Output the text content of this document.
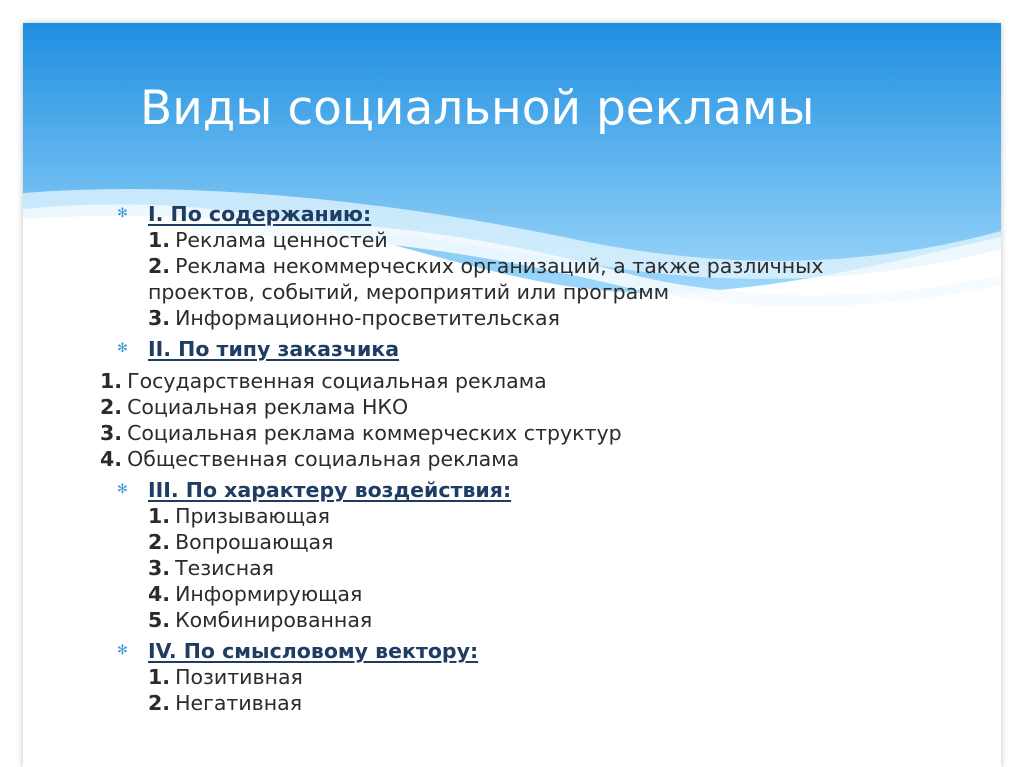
Виды социальной рекламы
✻ I. По содержанию:
1. Реклама ценностей
2. Реклама некоммерческих организаций, а также различных
проектов, событий, мероприятий или программ
3. Информационно-просветительская
✻ II. По типу заказчика
1. Государственная социальная реклама
2. Социальная реклама НКО
3. Социальная реклама коммерческих структур
4. Общественная социальная реклама
✻ III. По характеру воздействия:
1. Призывающая
2. Вопрошающая
3. Тезисная
4. Информирующая
5. Комбинированная
✻ IV. По смысловому вектору:
1. Позитивная
2. Негативная
